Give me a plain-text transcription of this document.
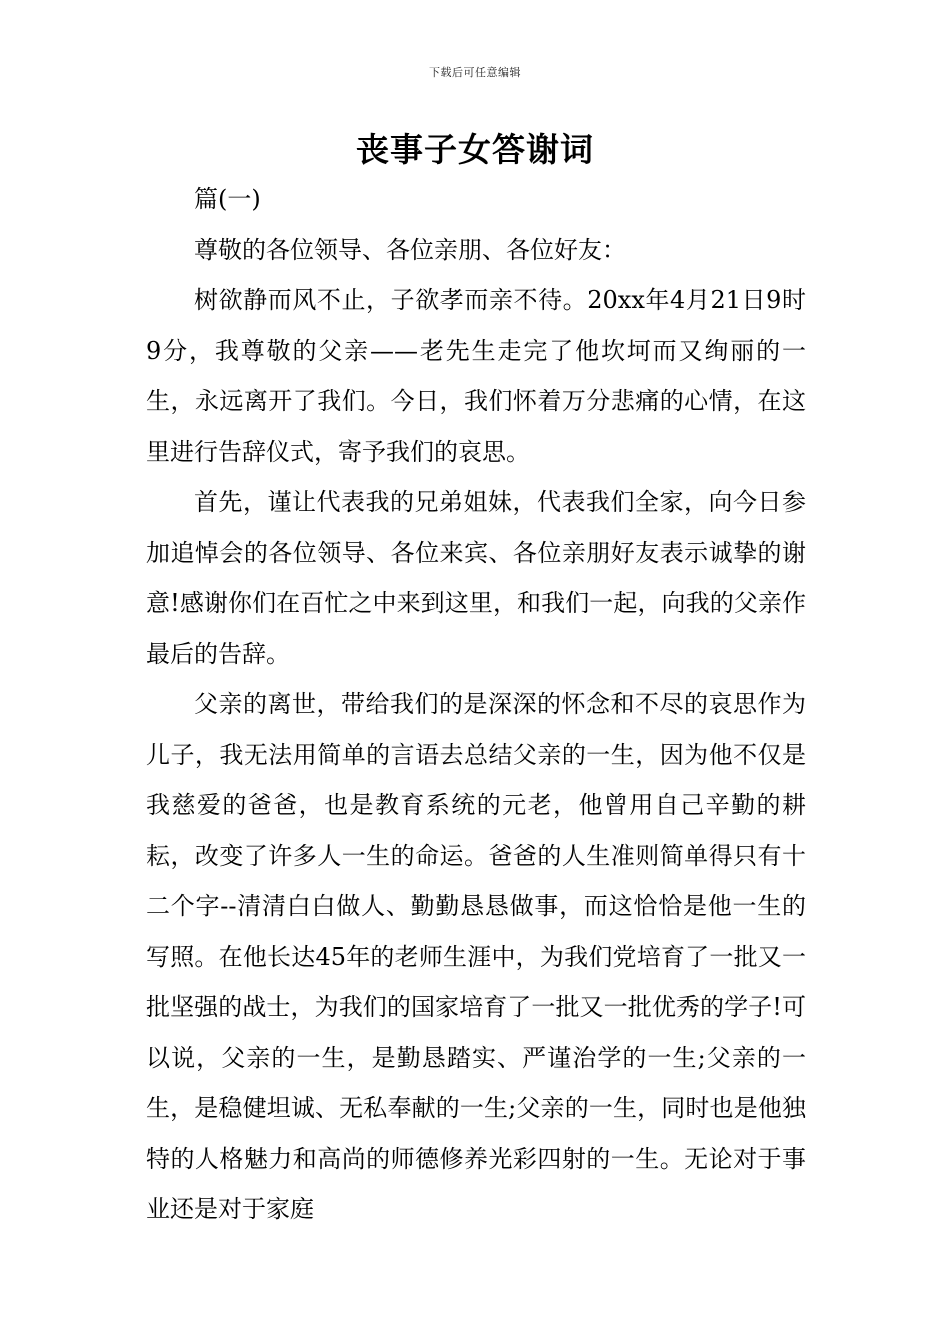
下载后可任意编辑
丧事子女答谢词

篇(一)

尊敬的各位领导、各位亲朋、各位好友：

树欲静而风不止，子欲孝而亲不待。20xx年4月21日9时9分，我尊敬的父亲——老先生走完了他坎坷而又绚丽的一生，永远离开了我们。今日，我们怀着万分悲痛的心情，在这里进行告辞仪式，寄予我们的哀思。

首先，谨让代表我的兄弟姐妹，代表我们全家，向今日参加追悼会的各位领导、各位来宾、各位亲朋好友表示诚挚的谢意!感谢你们在百忙之中来到这里，和我们一起，向我的父亲作最后的告辞。

父亲的离世，带给我们的是深深的怀念和不尽的哀思作为儿子，我无法用简单的言语去总结父亲的一生，因为他不仅是我慈爱的爸爸，也是教育系统的元老，他曾用自己辛勤的耕耘，改变了许多人一生的命运。爸爸的人生准则简单得只有十二个字--清清白白做人、勤勤恳恳做事，而这恰恰是他一生的写照。在他长达45年的老师生涯中，为我们党培育了一批又一批坚强的战士，为我们的国家培育了一批又一批优秀的学子!可以说，父亲的一生，是勤恳踏实、严谨治学的一生;父亲的一生，是稳健坦诚、无私奉献的一生;父亲的一生，同时也是他独特的人格魅力和高尚的师德修养光彩四射的一生。无论对于事业还是对于家庭
